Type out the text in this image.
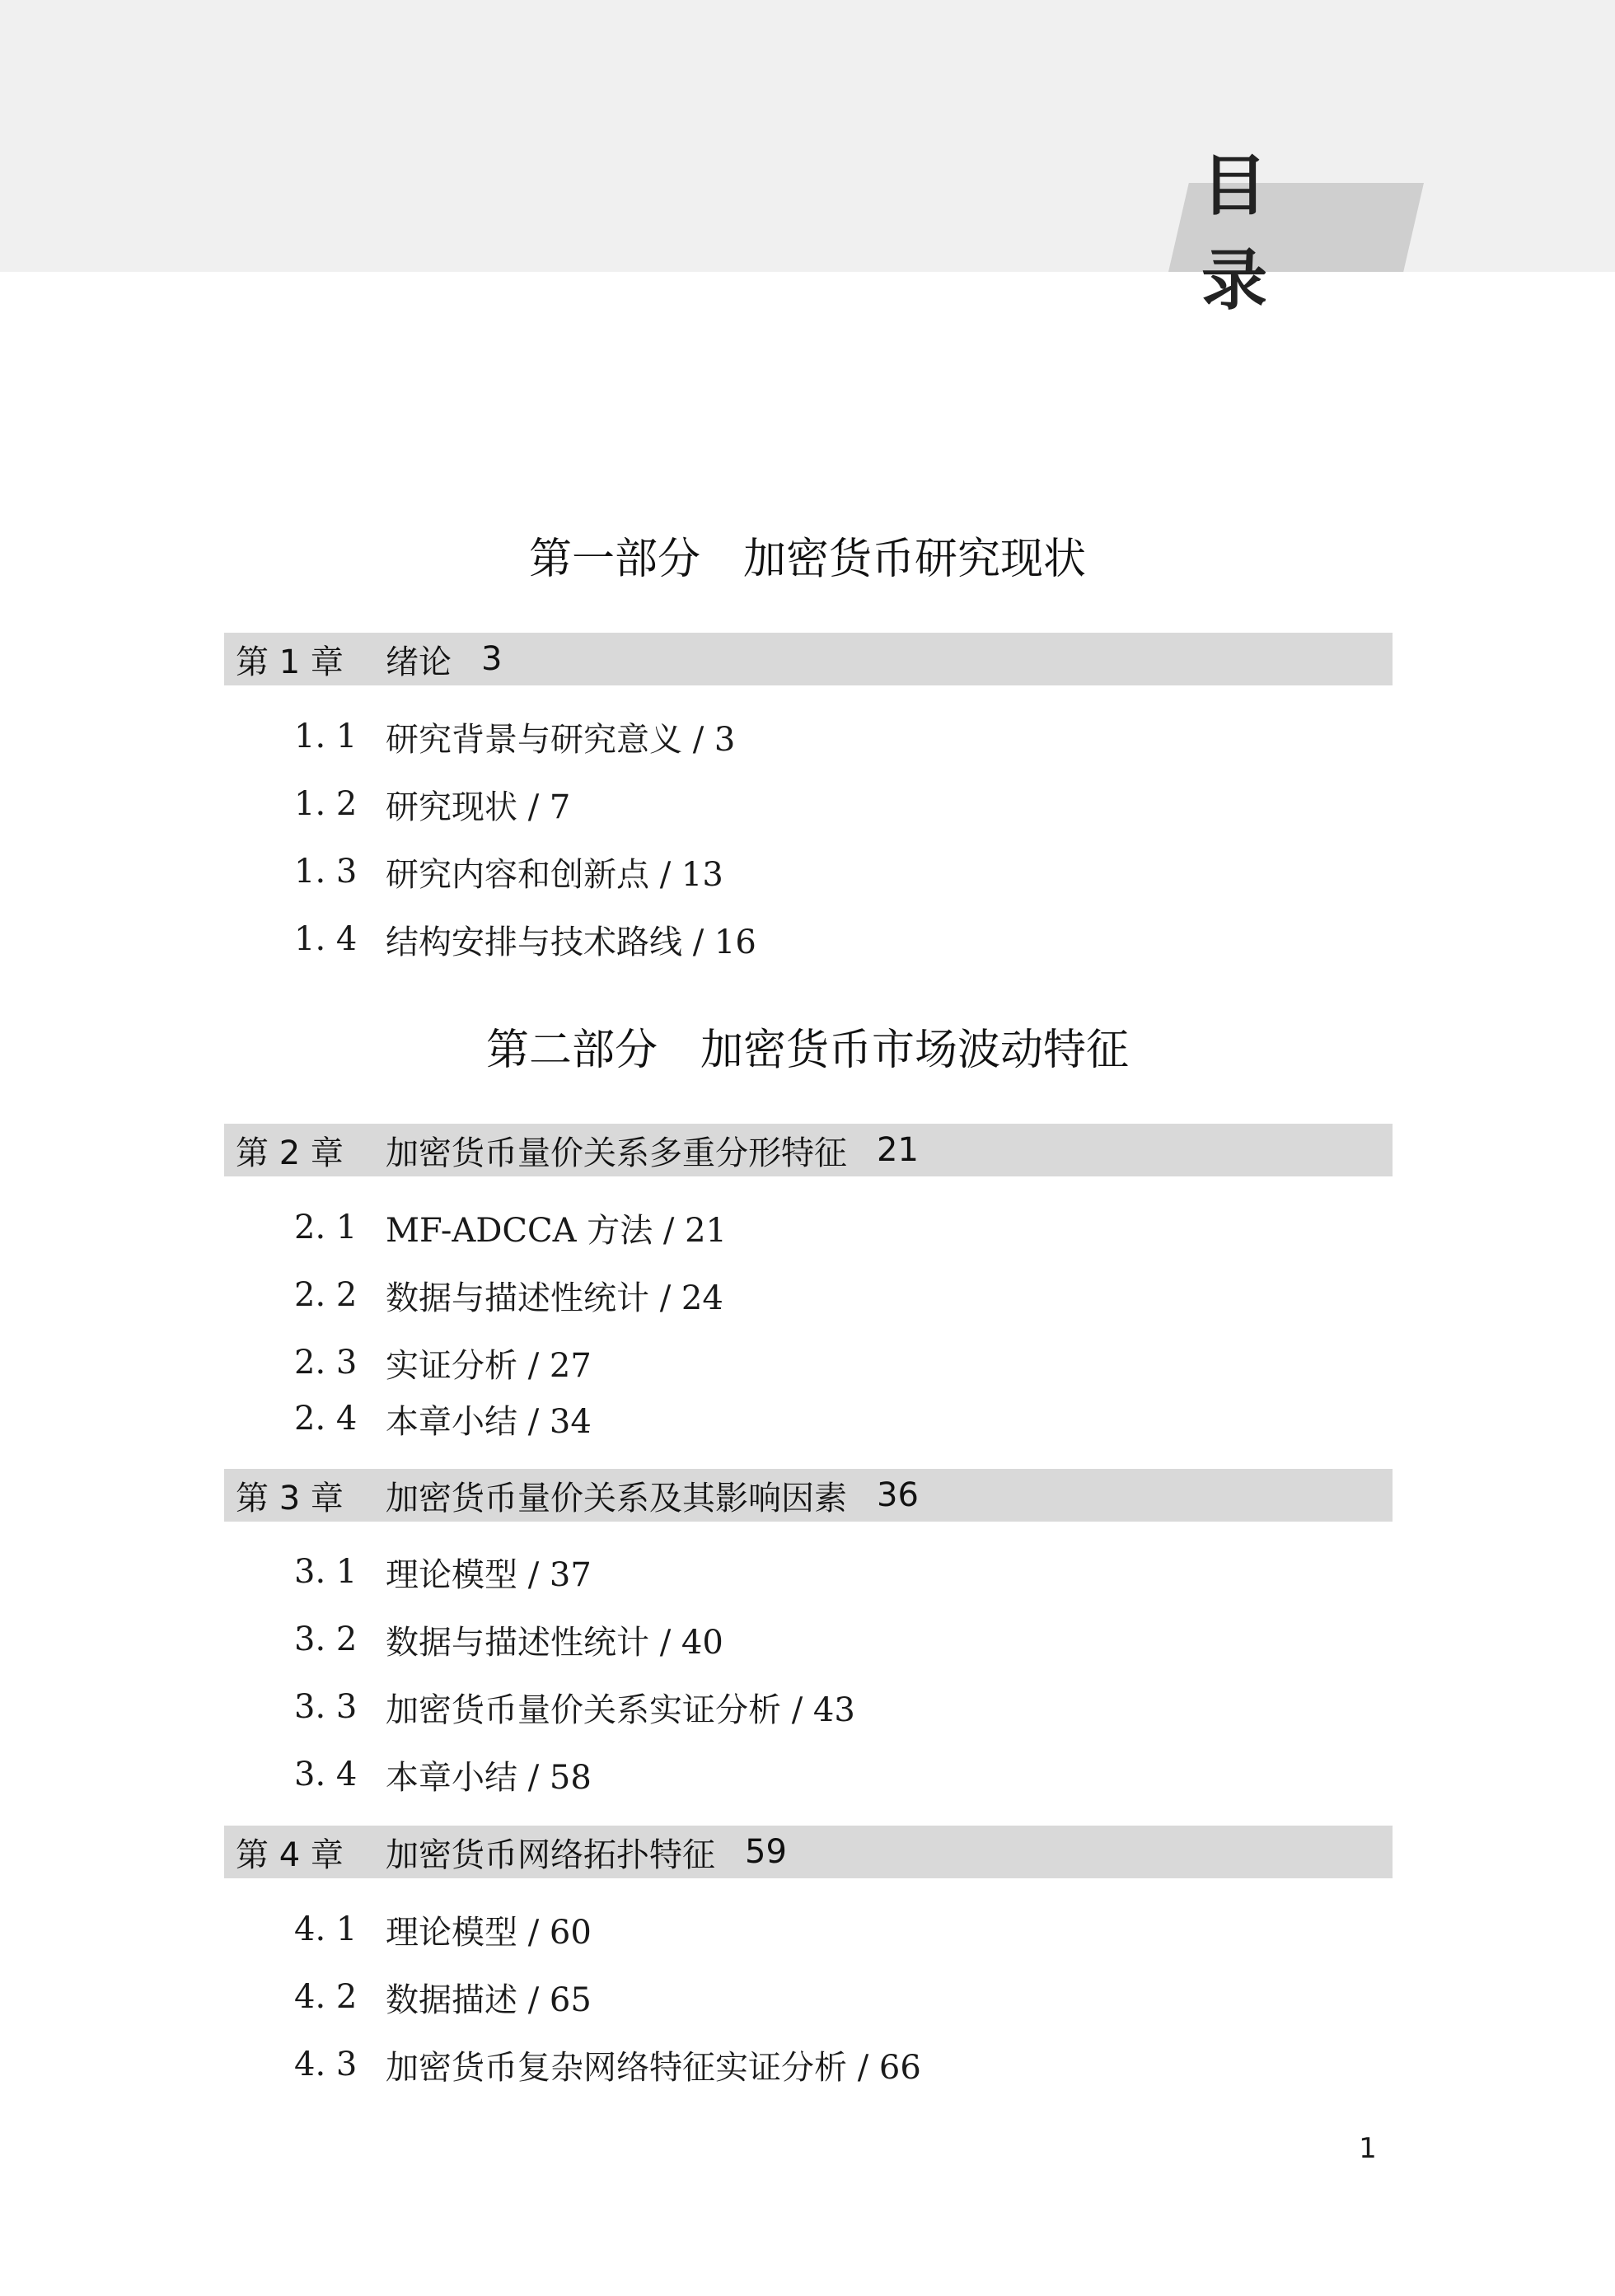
目 录
第一部分　加密货币研究现状
第 1 章 绪论 3
1. 1 研究背景与研究意义 / 3
1. 2 研究现状 / 7
1. 3 研究内容和创新点 / 13
1. 4 结构安排与技术路线 / 16
第二部分　加密货币市场波动特征
第 2 章 加密货币量价关系多重分形特征 21
2. 1 MF-ADCCA 方法 / 21
2. 2 数据与描述性统计 / 24
2. 3 实证分析 / 27
2. 4 本章小结 / 34
第 3 章 加密货币量价关系及其影响因素 36
3. 1 理论模型 / 37
3. 2 数据与描述性统计 / 40
3. 3 加密货币量价关系实证分析 / 43
3. 4 本章小结 / 58
第 4 章 加密货币网络拓扑特征 59
4. 1 理论模型 / 60
4. 2 数据描述 / 65
4. 3 加密货币复杂网络特征实证分析 / 66
1
